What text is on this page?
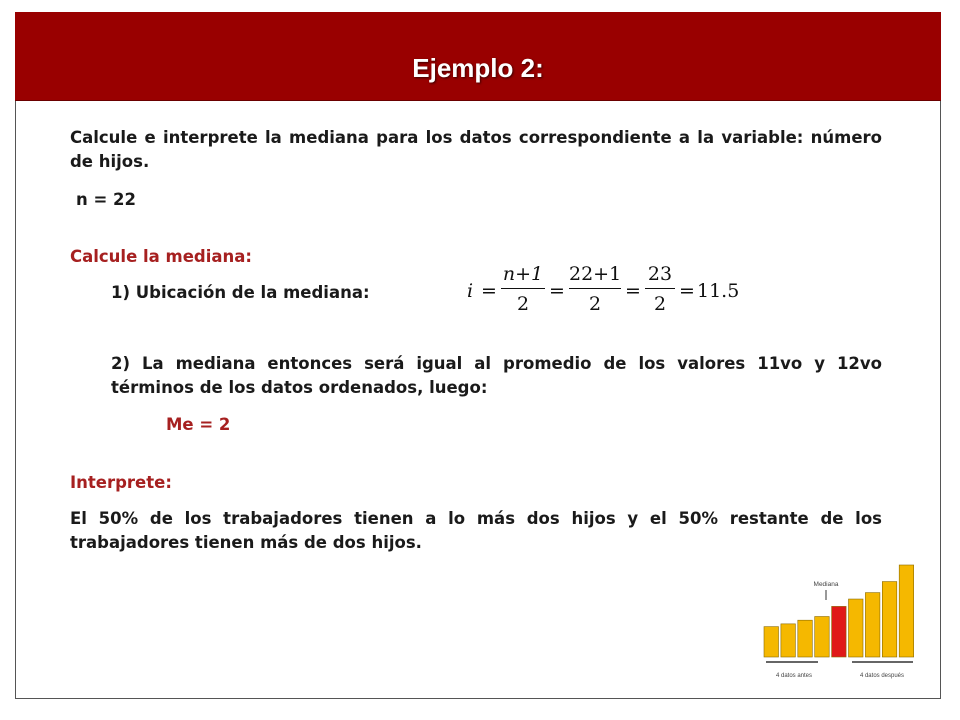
Ejemplo 2:
Calcule e interprete la mediana para los datos correspondiente a la variable: número de hijos.
n = 22
Calcule la mediana:
1) Ubicación de la mediana:	i =
n+1
2
=
22+1
2
=
23
2
= 11.5
2) La mediana entonces será igual al promedio de los valores 11vo y 12vo términos de los datos ordenados, luego:
Me = 2
Interprete:
El 50% de los trabajadores tienen a lo más dos hijos y el 50% restante de los trabajadores tienen más de dos hijos.
Mediana
4 datos antes	4 datos después
